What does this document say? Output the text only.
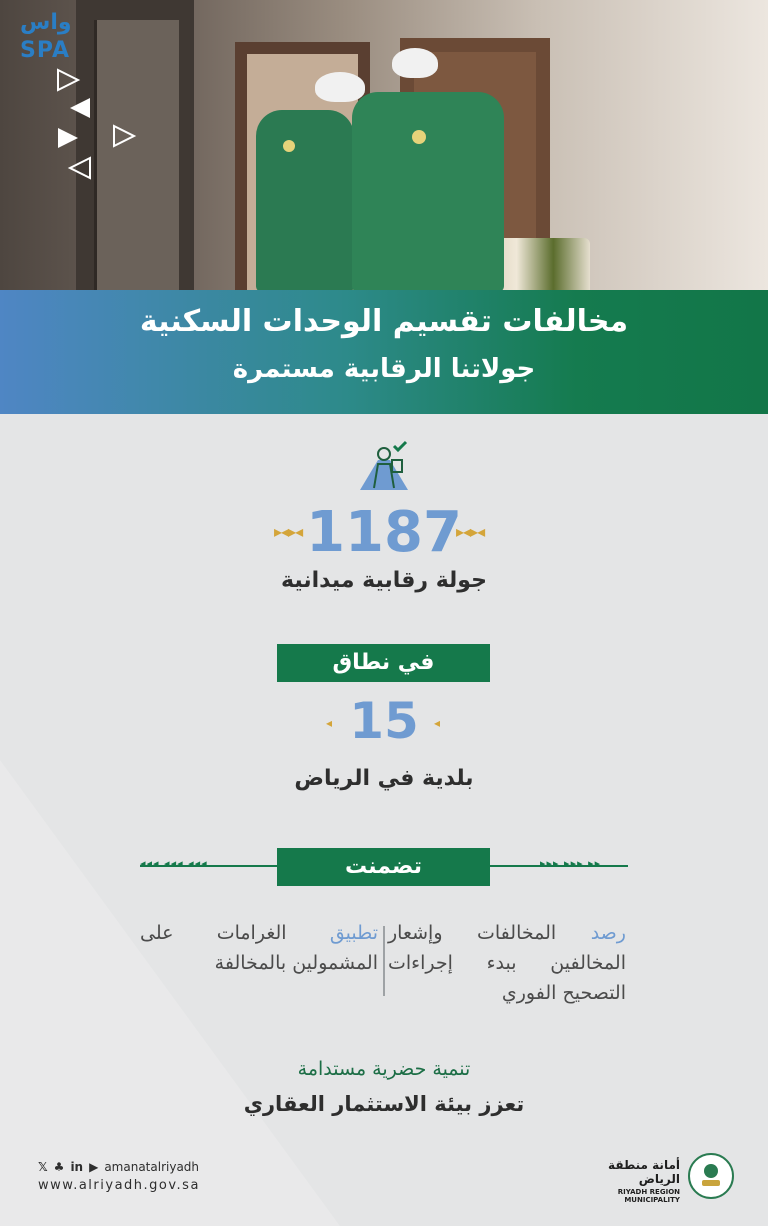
واس
SPA
مخالفات تقسيم الوحدات السكنية
جولاتنا الرقابية مستمرة
▸◂▸◂	▸◂▸◂
1187
جولة رقابية ميدانية
في نطاق
◂	◂
15
بلدية في الرياض
◂◂◂ ◂◂◂ ◂◂◂	▸▸▸ ▸▸▸ ▸▸
تضمنت
رصد المخالفات وإشعار المخالفين ببدء إجراءات التصحيح الفوري
تطبيق الغرامات على المشمولين بالمخالفة
تنمية حضرية مستدامة
تعزز بيئة الاستثمار العقاري
𝕏 ♣ in ▶ amanatalriyadh
www.alriyadh.gov.sa
أمانة منطقة الرياض
RIYADH REGION MUNICIPALITY
